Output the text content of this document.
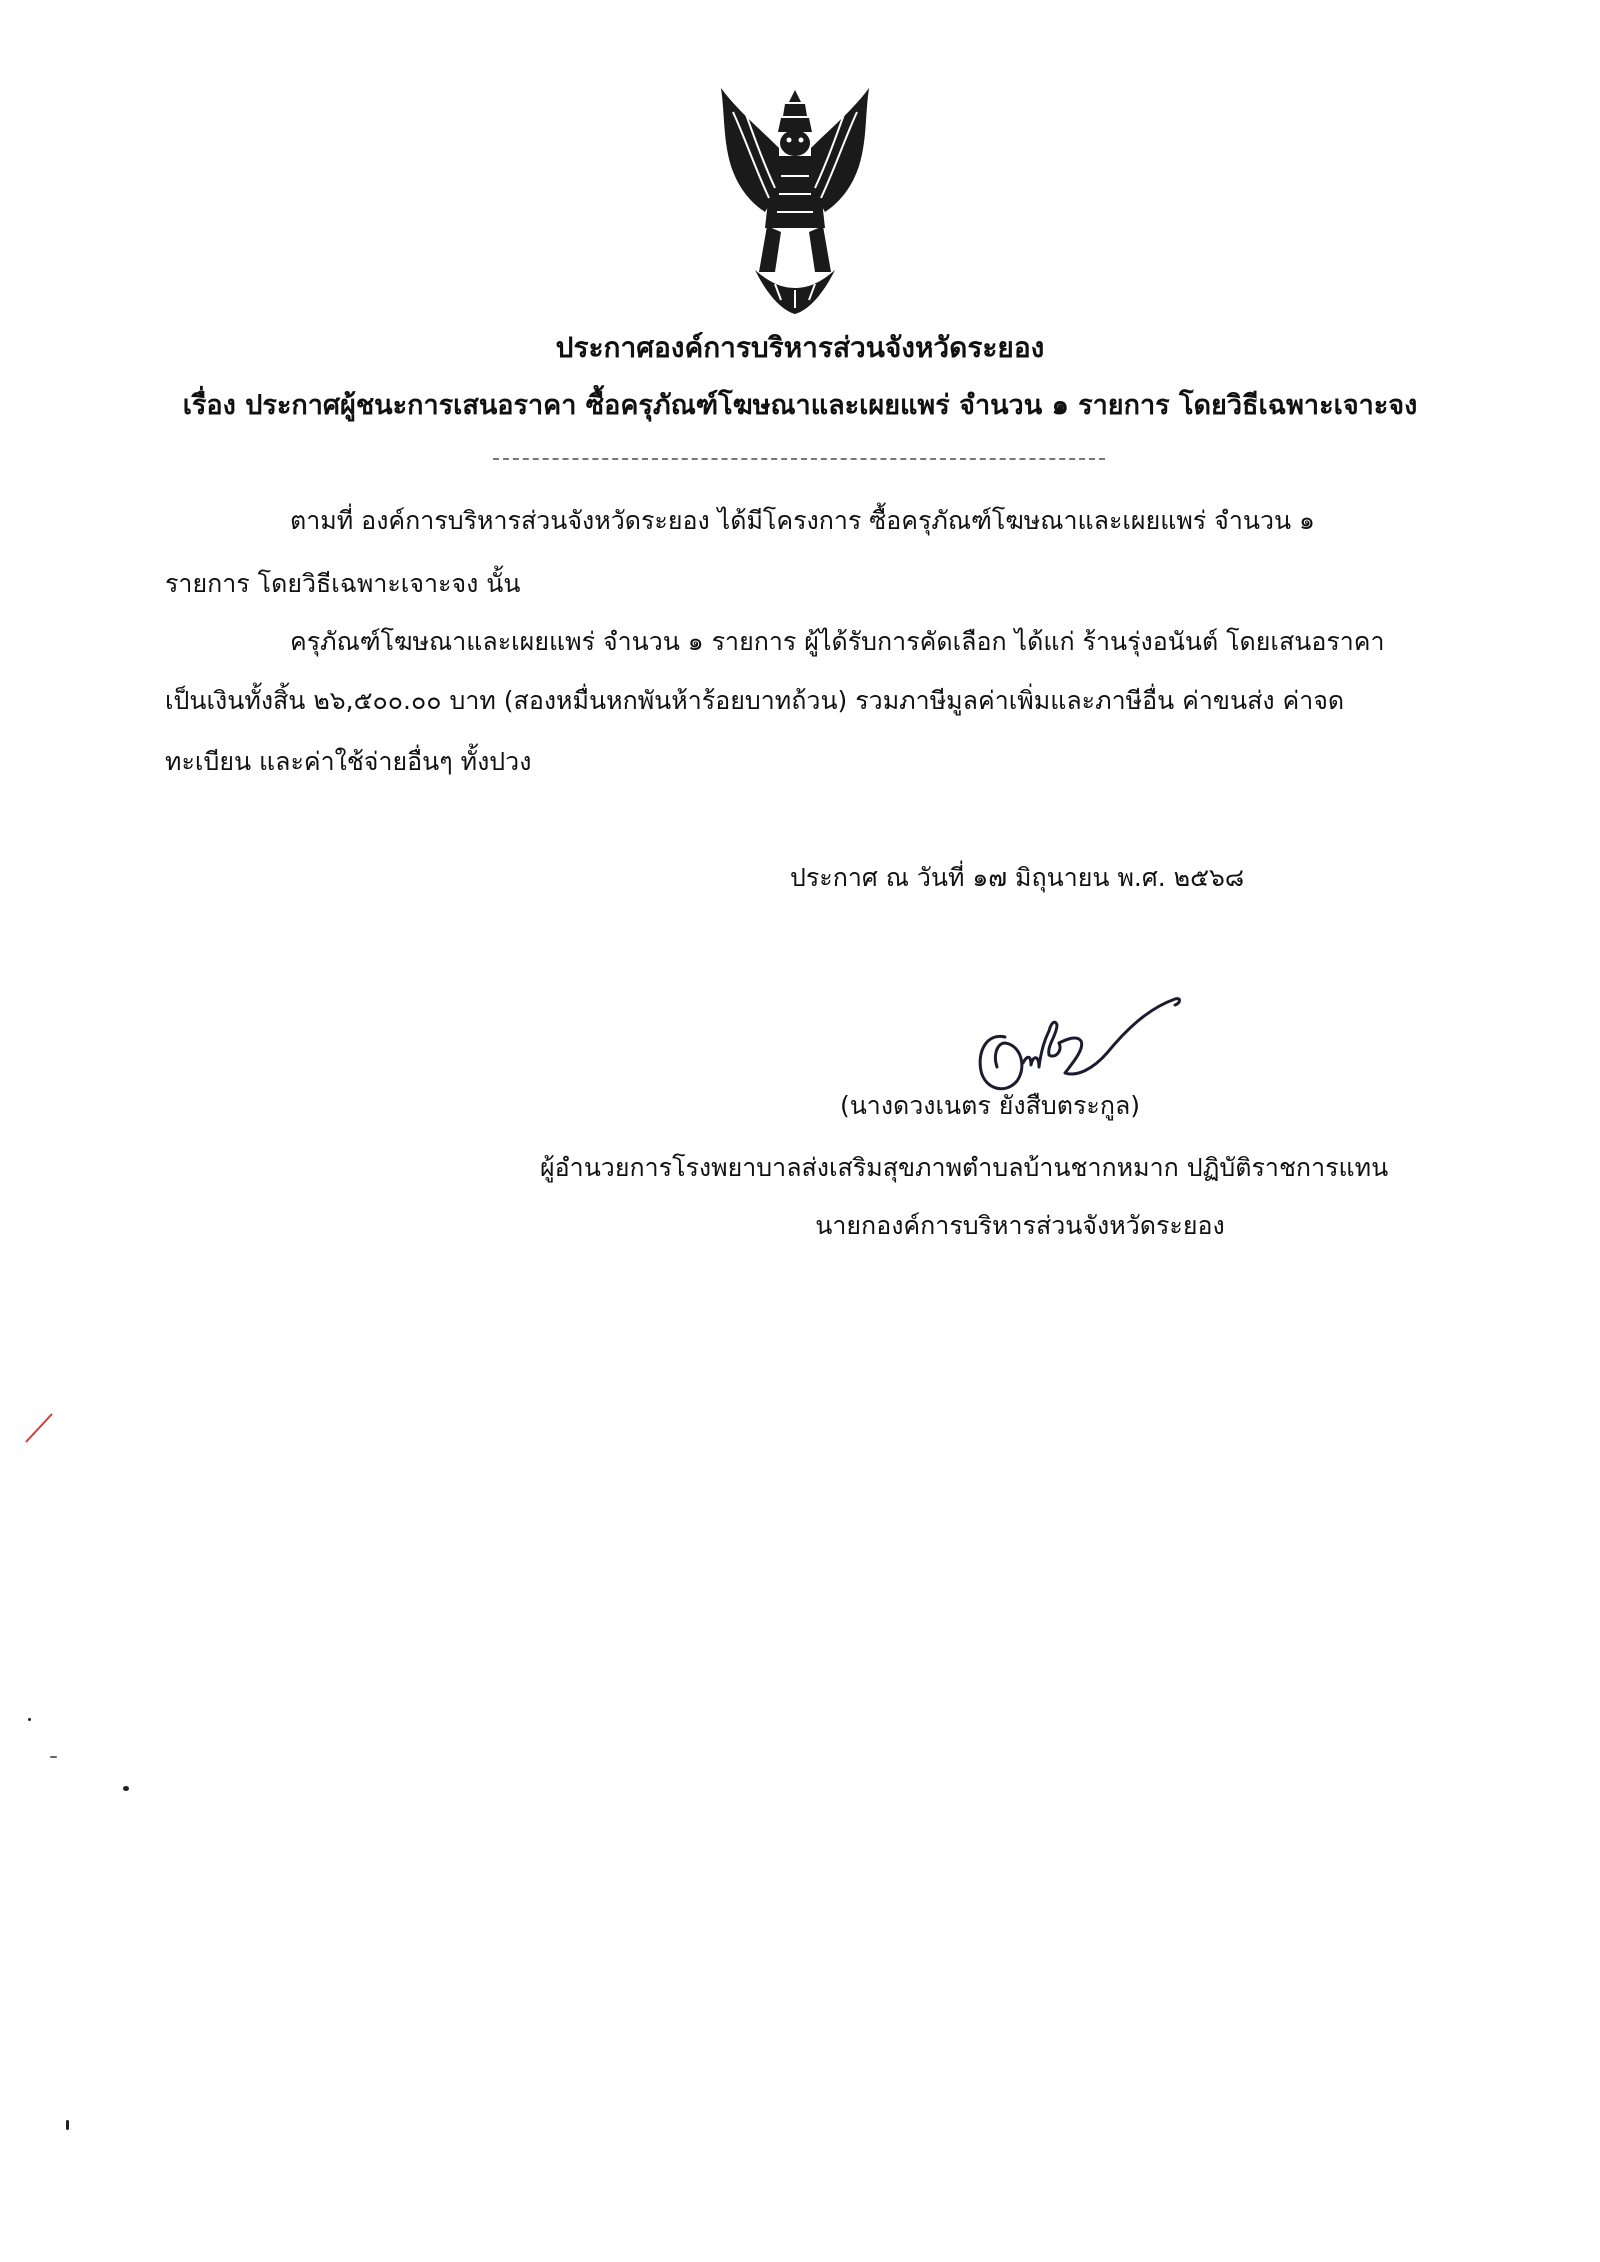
ประกาศองค์การบริหารส่วนจังหวัดระยอง
เรื่อง ประกาศผู้ชนะการเสนอราคา ซื้อครุภัณฑ์โฆษณาและเผยแพร่ จำนวน ๑ รายการ โดยวิธีเฉพาะเจาะจง
ตามที่ องค์การบริหารส่วนจังหวัดระยอง ได้มีโครงการ ซื้อครุภัณฑ์โฆษณาและเผยแพร่ จำนวน ๑
รายการ โดยวิธีเฉพาะเจาะจง นั้น
ครุภัณฑ์โฆษณาและเผยแพร่ จำนวน ๑ รายการ ผู้ได้รับการคัดเลือก ได้แก่ ร้านรุ่งอนันต์ โดยเสนอราคา
เป็นเงินทั้งสิ้น ๒๖,๕๐๐.๐๐ บาท (สองหมื่นหกพันห้าร้อยบาทถ้วน) รวมภาษีมูลค่าเพิ่มและภาษีอื่น ค่าขนส่ง ค่าจด
ทะเบียน และค่าใช้จ่ายอื่นๆ ทั้งปวง
ประกาศ ณ วันที่ ๑๗ มิถุนายน พ.ศ. ๒๕๖๘
(นางดวงเนตร ยังสืบตระกูล)
ผู้อำนวยการโรงพยาบาลส่งเสริมสุขภาพตำบลบ้านชากหมาก ปฏิบัติราชการแทน
นายกองค์การบริหารส่วนจังหวัดระยอง
